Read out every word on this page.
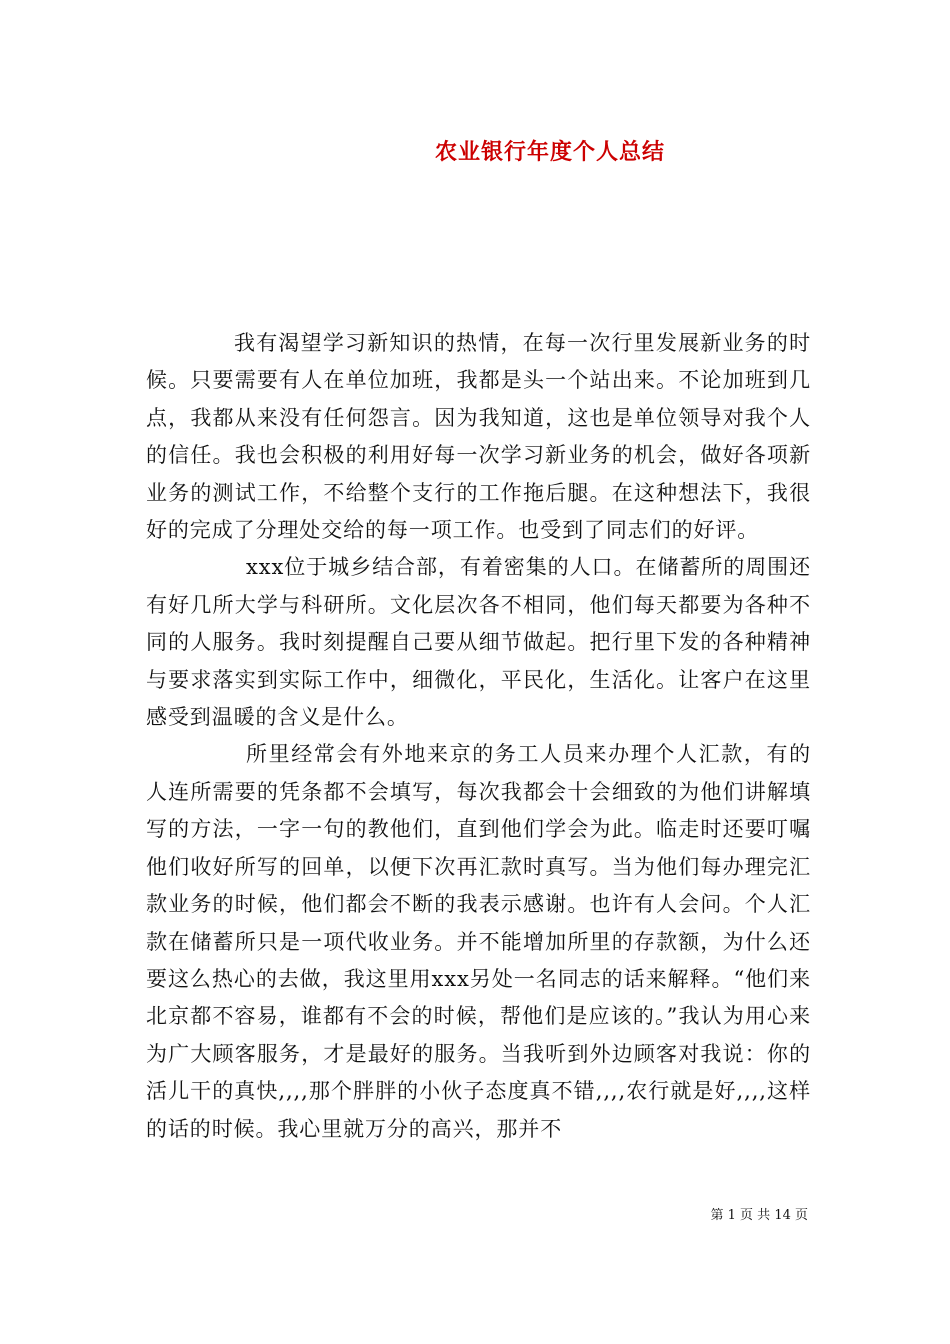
农业银行年度个人总结

我有渴望学习新知识的热情，在每一次行里发展新业务的时候。只要需要有人在单位加班，我都是头一个站出来。不论加班到几点，我都从来没有任何怨言。因为我知道，这也是单位领导对我个人的信任。我也会积极的利用好每一次学习新业务的机会，做好各项新业务的测试工作，不给整个支行的工作拖后腿。在这种想法下，我很好的完成了分理处交给的每一项工作。也受到了同志们的好评。

xxx位于城乡结合部，有着密集的人口。在储蓄所的周围还有好几所大学与科研所。文化层次各不相同，他们每天都要为各种不同的人服务。我时刻提醒自己要从细节做起。把行里下发的各种精神与要求落实到实际工作中，细微化，平民化，生活化。让客户在这里感受到温暖的含义是什么。

所里经常会有外地来京的务工人员来办理个人汇款，有的人连所需要的凭条都不会填写，每次我都会十会细致的为他们讲解填写的方法，一字一句的教他们，直到他们学会为此。临走时还要叮嘱他们收好所写的回单，以便下次再汇款时真写。当为他们每办理完汇款业务的时候，他们都会不断的我表示感谢。也许有人会问。个人汇款在储蓄所只是一项代收业务。并不能增加所里的存款额，为什么还要这么热心的去做，我这里用xxx另处一名同志的话来解释。“他们来北京都不容易，谁都有不会的时候，帮他们是应该的。”我认为用心来为广大顾客服务，才是最好的服务。当我听到外边顾客对我说：你的活儿干的真快,,,,那个胖胖的小伙子态度真不错,,,,农行就是好,,,,这样的话的时候。我心里就万分的高兴，那并不

第 1 页 共 14 页
